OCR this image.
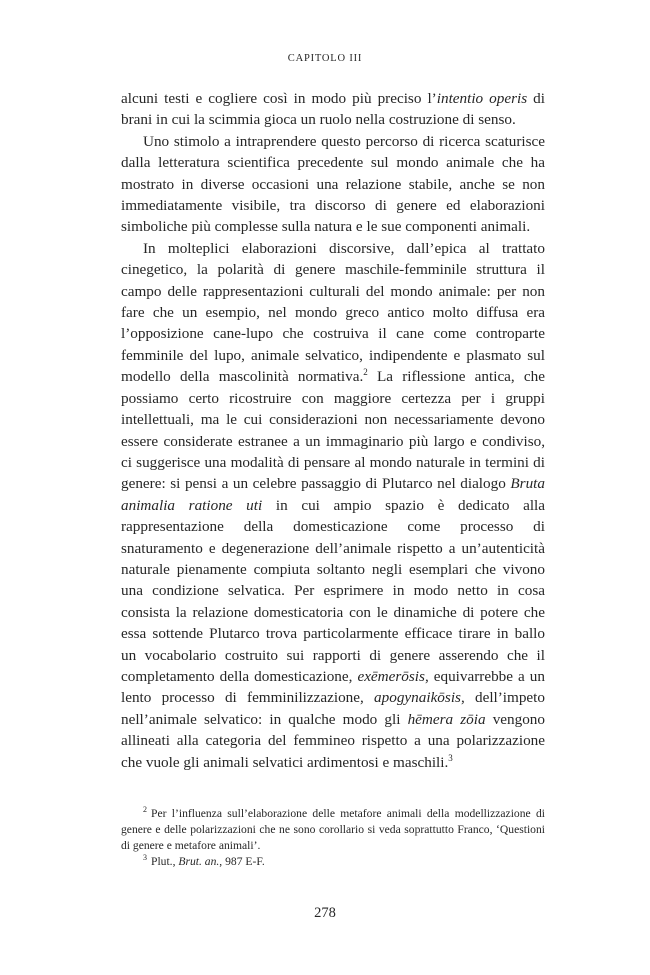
CAPITOLO III

alcuni testi e cogliere così in modo più preciso l’intentio operis di brani in cui la scimmia gioca un ruolo nella costruzione di senso.

Uno stimolo a intraprendere questo percorso di ricerca scaturisce dalla letteratura scientifica precedente sul mondo animale che ha mostrato in diverse occasioni una relazione stabile, anche se non immediatamente visibile, tra discorso di genere ed elaborazioni simboliche più complesse sulla natura e le sue componenti animali.

In molteplici elaborazioni discorsive, dall’epica al trattato cinegetico, la polarità di genere maschile-femminile struttura il campo delle rappresentazioni culturali del mondo animale: per non fare che un esempio, nel mondo greco antico molto diffusa era l’opposizione cane-lupo che costruiva il cane come controparte femminile del lupo, animale selvatico, indipendente e plasmato sul modello della mascolinità normativa.$^2$ La riflessione antica, che possiamo certo ricostruire con maggiore certezza per i gruppi intellettuali, ma le cui considerazioni non necessariamente devono essere considerate estranee a un immaginario più largo e condiviso, ci suggerisce una modalità di pensare al mondo naturale in termini di genere: si pensi a un celebre passaggio di Plutarco nel dialogo Bruta animalia ratione uti in cui ampio spazio è dedicato alla rappresentazione della domesticazione come processo di snaturamento e degenerazione dell’animale rispetto a un’autenticità naturale pienamente compiuta soltanto negli esemplari che vivono una condizione selvatica. Per esprimere in modo netto in cosa consista la relazione domesticatoria con le dinamiche di potere che essa sottende Plutarco trova particolarmente efficace tirare in ballo un vocabolario costruito sui rapporti di genere asserendo che il completamento della domesticazione, exēmerōsis, equivarrebbe a un lento processo di femminilizzazione, apogynaikōsis, dell’impeto nell’animale selvatico: in qualche modo gli hēmera zōia vengono allineati alla categoria del femmineo rispetto a una polarizzazione che vuole gli animali selvatici ardimentosi e maschili.$^3$

$^2$ Per l’influenza sull’elaborazione delle metafore animali della modellizzazione di genere e delle polarizzazioni che ne sono corollario si veda soprattutto Franco, ‘Questioni di genere e metafore animali’.

$^3$ Plut., Brut. an., 987 E-F.

278
